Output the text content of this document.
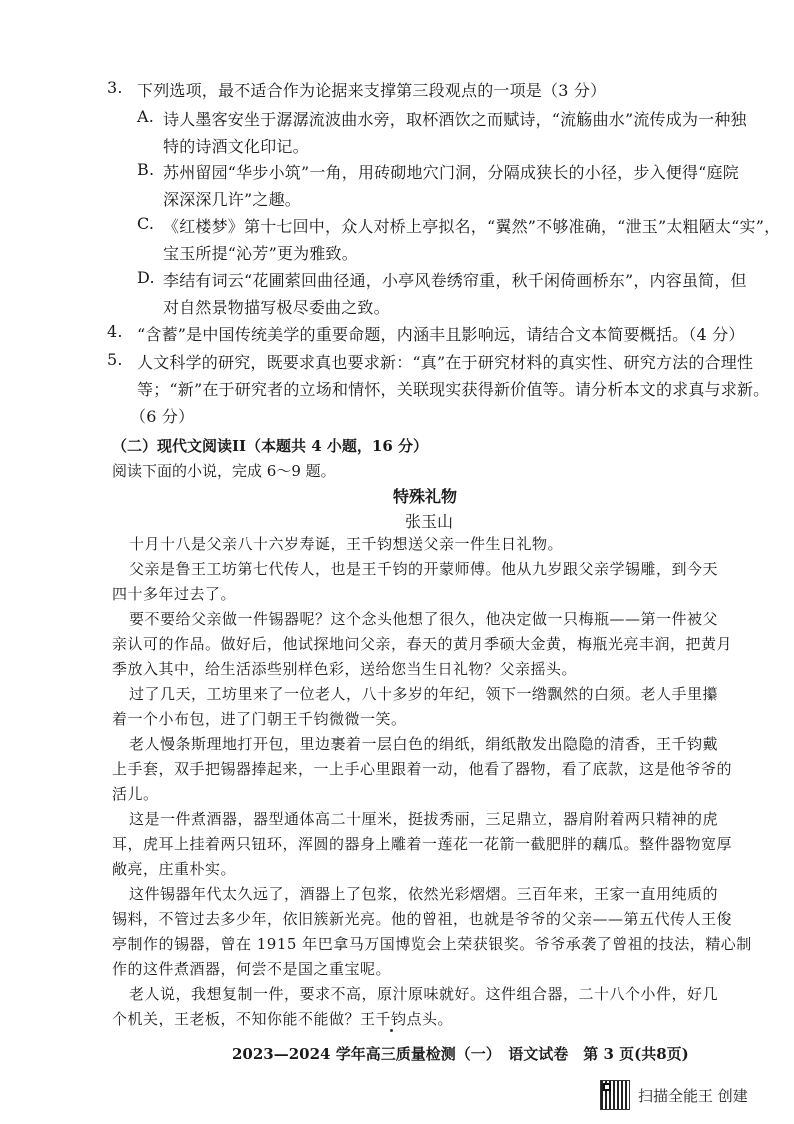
3. 下列选项，最不适合作为论据来支撑第三段观点的一项是（3 分）
A. 诗人墨客安坐于潺潺流波曲水旁，取杯酒饮之而赋诗，“流觞曲水”流传成为一种独
特的诗酒文化印记。
B. 苏州留园“华步小筑”一角，用砖砌地穴门洞，分隔成狭长的小径，步入便得“庭院
深深深几许”之趣。
C. 《红楼梦》第十七回中，众人对桥上亭拟名，“翼然”不够准确，“泄玉”太粗陋太“实”，
宝玉所提“沁芳”更为雅致。
D. 李结有词云“花圃萦回曲径通，小亭风卷绣帘重，秋千闲倚画桥东”，内容虽简，但
对自然景物描写极尽委曲之致。
4. “含蓄”是中国传统美学的重要命题，内涵丰且影响远，请结合文本简要概括。（4 分）
5. 人文科学的研究，既要求真也要求新：“真”在于研究材料的真实性、研究方法的合理性
等；“新”在于研究者的立场和情怀，关联现实获得新价值等。请分析本文的求真与求新。
（6 分）
（二）现代文阅读II（本题共 4 小题，16 分）
阅读下面的小说，完成 6～9 题。
特殊礼物
张玉山
十月十八是父亲八十六岁寿诞，王千钧想送父亲一件生日礼物。
父亲是鲁王工坊第七代传人，也是王千钧的开蒙师傅。他从九岁跟父亲学锡雕，到今天
四十多年过去了。
要不要给父亲做一件锡器呢？这个念头他想了很久，他决定做一只梅瓶——第一件被父
亲认可的作品。做好后，他试探地问父亲，春天的黄月季硕大金黄，梅瓶光亮丰润，把黄月
季放入其中，给生活添些别样色彩，送给您当生日礼物？父亲摇头。
过了几天，工坊里来了一位老人，八十多岁的年纪，领下一绺飘然的白须。老人手里攥
着一个小布包，进了门朝王千钧微微一笑。
老人慢条斯理地打开包，里边裹着一层白色的绢纸，绢纸散发出隐隐的清香，王千钧戴
上手套，双手把锡器捧起来，一上手心里跟着一动，他看了器物，看了底款，这是他爷爷的
活儿。
这是一件煮酒器，器型通体高二十厘米，挺拔秀丽，三足鼎立，器肩附着两只精神的虎
耳，虎耳上挂着两只钮环，浑圆的器身上雕着一莲花一花箭一截肥胖的藕瓜。整件器物宽厚
敞亮，庄重朴实。
这件锡器年代太久远了，酒器上了包浆，依然光彩熠熠。三百年来，王家一直用纯质的
锡料，不管过去多少年，依旧簇新光亮。他的曾祖，也就是爷爷的父亲——第五代传人王俊
亭制作的锡器，曾在 1915 年巴拿马万国博览会上荣获银奖。爷爷承袭了曾祖的技法，精心制
作的这件煮酒器，何尝不是国之重宝呢。
老人说，我想复制一件，要求不高，原汁原味就好。这件组合器，二十八个小件，好几
个机关，王老板，不知你能不能做？王千钧点头。
2023—2024 学年高三质量检测（一）　语文试卷　第 3 页(共8页)
扫描全能王 创建
